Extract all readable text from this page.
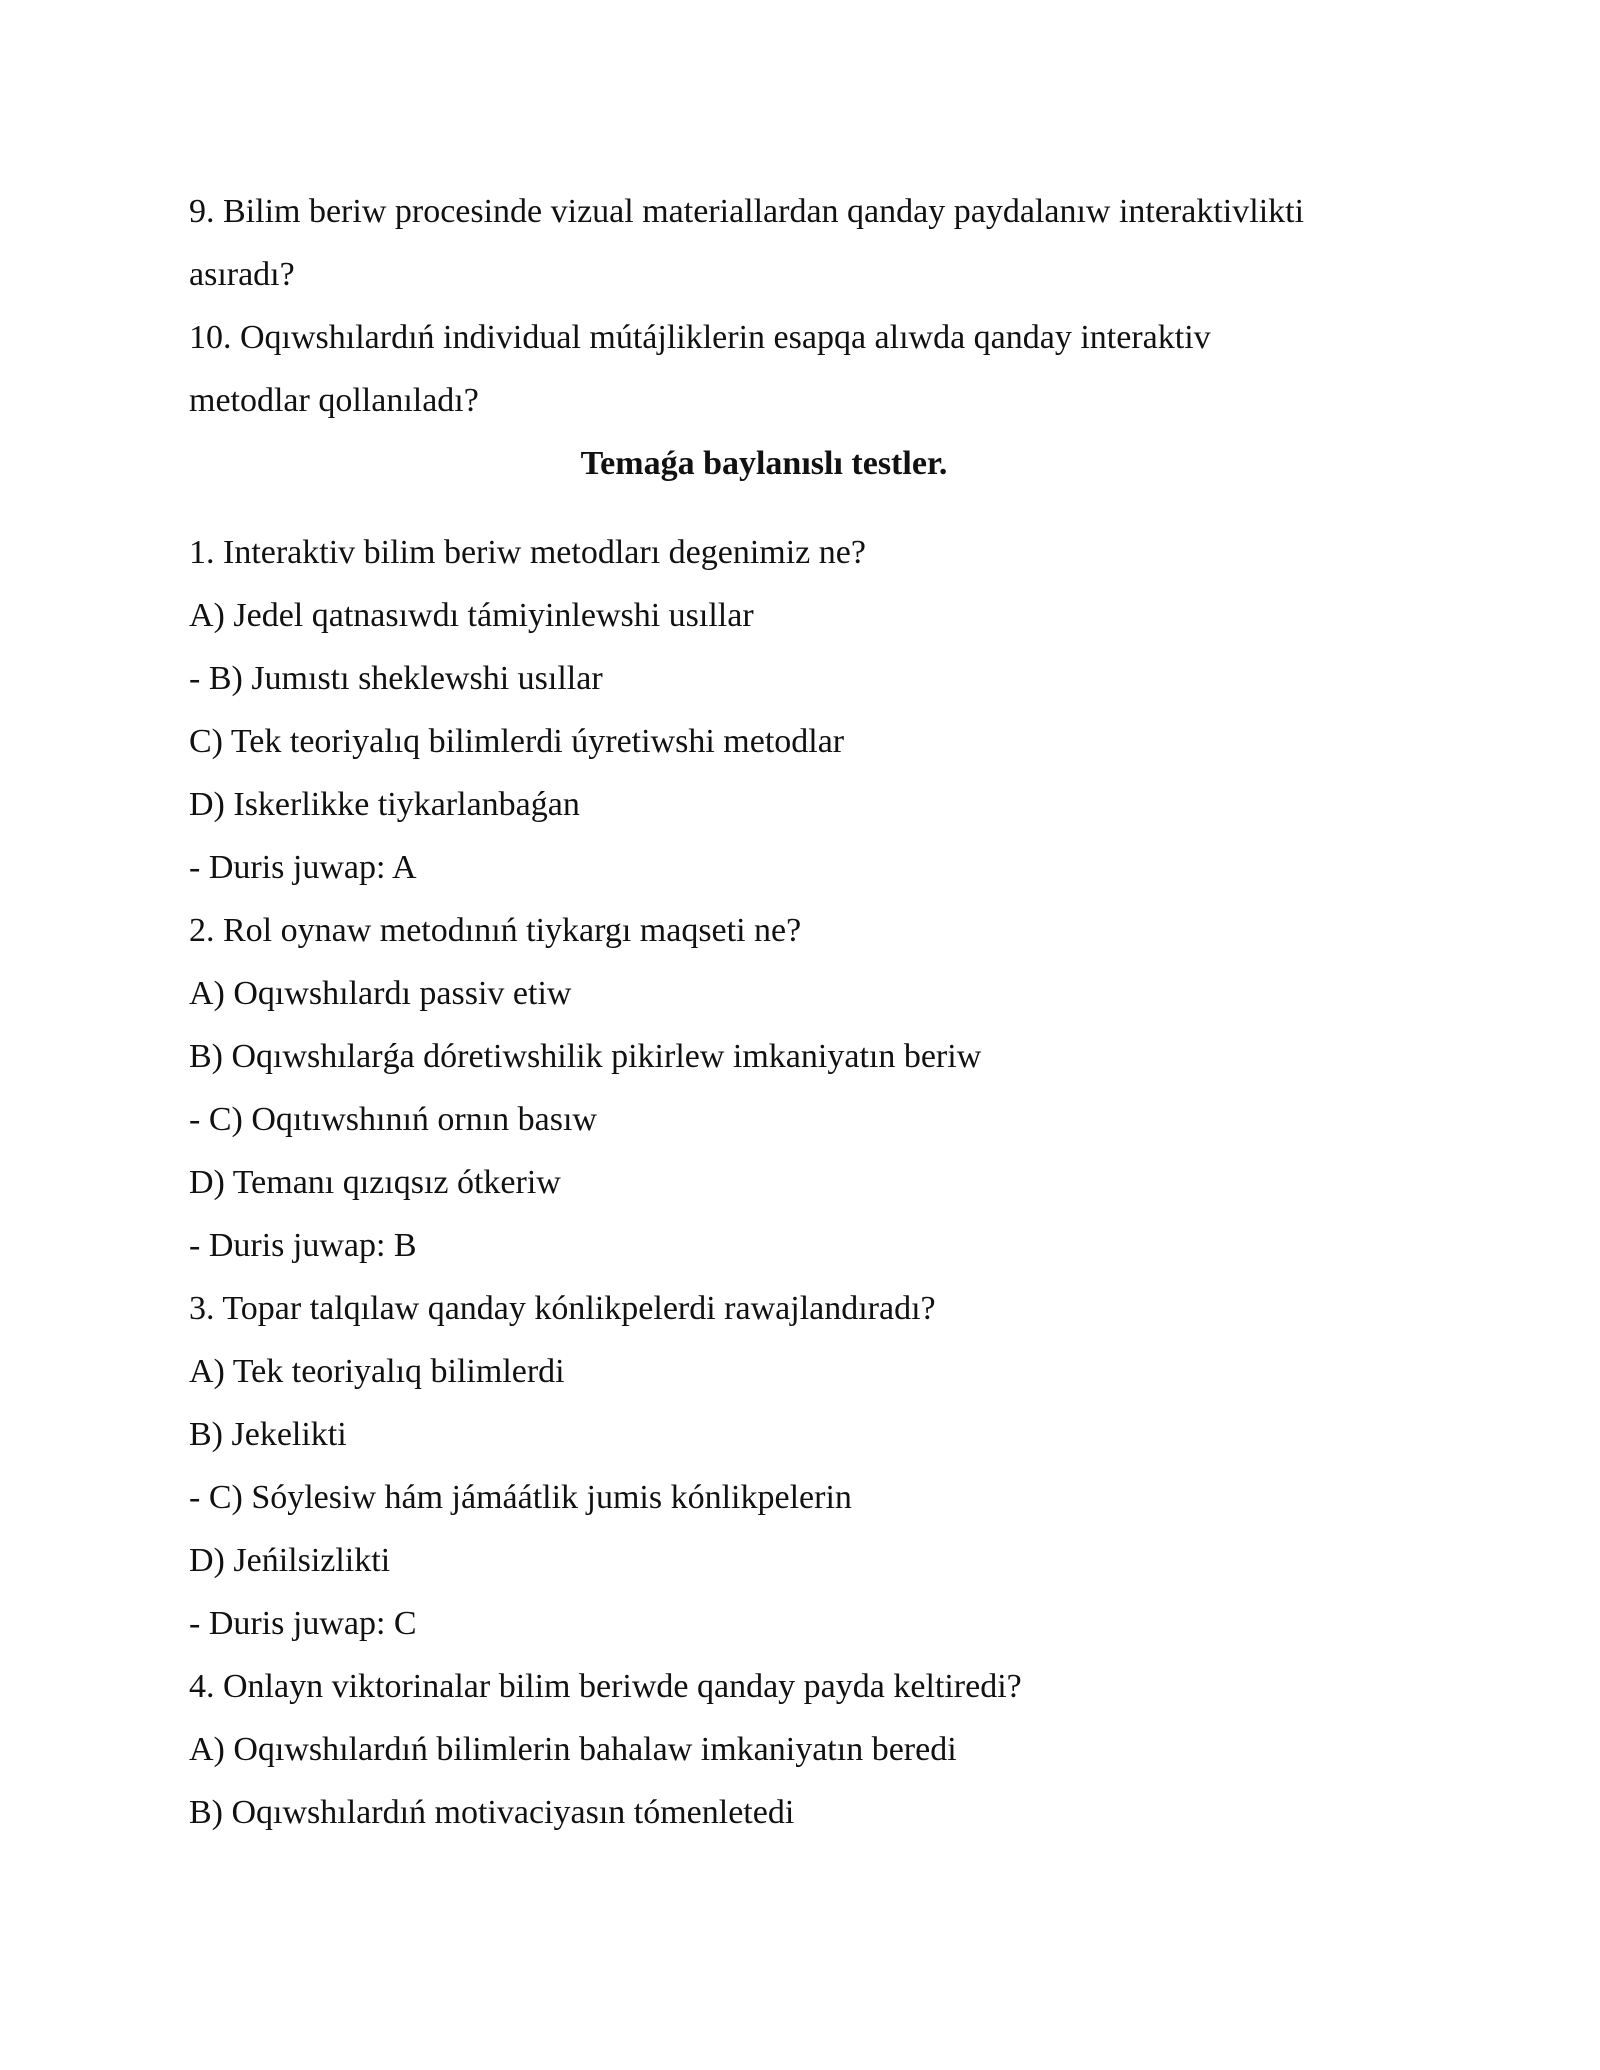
9. Bilim beriw procesinde vizual materiallardan qanday paydalanıw interaktivlikti
asıradı?
10. Oqıwshılardıń individual mútájliklerin esapqa alıwda qanday interaktiv
metodlar qollanıladı?
Temaǵa baylanıslı testler.
1. Interaktiv bilim beriw metodları degenimiz ne?
A) Jedel qatnasıwdı támiyinlewshi usıllar
- B) Jumıstı sheklewshi usıllar
C) Tek teoriyalıq bilimlerdi úyretiwshi metodlar
D) Iskerlikke tiykarlanbaǵan
- Duris juwap: A
2. Rol oynaw metodınıń tiykargı maqseti ne?
A) Oqıwshılardı passiv etiw
B) Oqıwshılarǵa dóretiwshilik pikirlew imkaniyatın beriw
- C) Oqıtıwshınıń ornın basıw
D) Temanı qızıqsız ótkeriw
- Duris juwap: B
3. Topar talqılaw qanday kónlikpelerdi rawajlandıradı?
A) Tek teoriyalıq bilimlerdi
B) Jekelikti
- C) Sóylesiw hám jámáátlik jumis kónlikpelerin
D) Jeńilsizlikti
- Duris juwap: C
4. Onlayn viktorinalar bilim beriwde qanday payda keltiredi?
A) Oqıwshılardıń bilimlerin bahalaw imkaniyatın beredi
B) Oqıwshılardıń motivaciyasın tómenletedi
